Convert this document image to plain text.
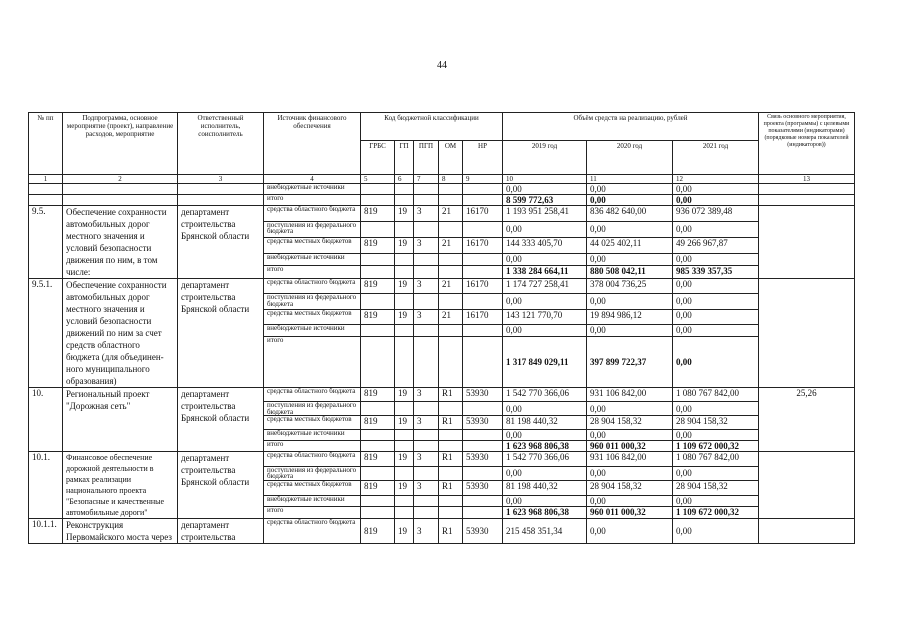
44
№ пп	Подпрограмма, основное мероприятие (проект), направление расходов, мероприятие	Ответственный исполнитель, соисполнитель	Источник финансового обеспечения	Код бюджетной классификации					Объём средств на реализацию, рублей			Связь основного мероприятия, проекта (программы) с целевыми показателями (индикаторами) (порядковые номера показателей (индикаторов))
				ГРБС	ГП	ПГП	ОМ	НР	2019 год	2020 год	2021 год	
1	2	3	4	5	6	7	8	9	10	11	12	13
			внебюджетные источники						0,00	0,00	0,00	
			итого						8 599 772,63	0,00	0,00	
9.5.	Обеспечение сохранности автомобильных дорог местного значения и условий безопасности движения по ним, в том числе:	департамент строительства Брянской области	средства областного бюджета	819	19	3	21	16170	1 193 951 258,41	836 482 640,00	936 072 389,48	
			поступления из федерального бюджета						0,00	0,00	0,00	
			средства местных бюджетов	819	19	3	21	16170	144 333 405,70	44 025 402,11	49 266 967,87	
			внебюджетные источники						0,00	0,00	0,00	
			итого						1 338 284 664,11	880 508 042,11	985 339 357,35	
9.5.1.	Обеспечение сохранности автомобильных дорог местного значения и условий безопасности движений по ним за счет средств областного бюджета (для объединен-ного муниципального образования)	департамент строительства Брянской области	средства областного бюджета	819	19	3	21	16170	1 174 727 258,41	378 004 736,25	0,00	
			поступления из федерального бюджета						0,00	0,00	0,00	
			средства местных бюджетов	819	19	3	21	16170	143 121 770,70	19 894 986,12	0,00	
			внебюджетные источники						0,00	0,00	0,00	
			итого						1 317 849 029,11	397 899 722,37	0,00	
10.	Региональный проект "Дорожная сеть"	департамент строительства Брянской области	средства областного бюджета	819	19	3	R1	53930	1 542 770 366,06	931 106 842,00	1 080 767 842,00	25,26
			поступления из федерального бюджета						0,00	0,00	0,00	
			средства местных бюджетов	819	19	3	R1	53930	81 198 440,32	28 904 158,32	28 904 158,32	
			внебюджетные источники						0,00	0,00	0,00	
			итого						1 623 968 806,38	960 011 000,32	1 109 672 000,32	
10.1.	Финансовое обеспечение дорожной деятельности в рамках реализации национального проекта "Безопасные и качественные автомобильные дороги"	департамент строительства Брянской области	средства областного бюджета	819	19	3	R1	53930	1 542 770 366,06	931 106 842,00	1 080 767 842,00	
			поступления из федерального бюджета						0,00	0,00	0,00	
			средства местных бюджетов	819	19	3	R1	53930	81 198 440,32	28 904 158,32	28 904 158,32	
			внебюджетные источники						0,00	0,00	0,00	
			итого						1 623 968 806,38	960 011 000,32	1 109 672 000,32	
10.1.1.	Реконструкция Первомайского моста через	департамент строительства	средства областного бюджета	819	19	3	R1	53930	215 458 351,34	0,00	0,00	
